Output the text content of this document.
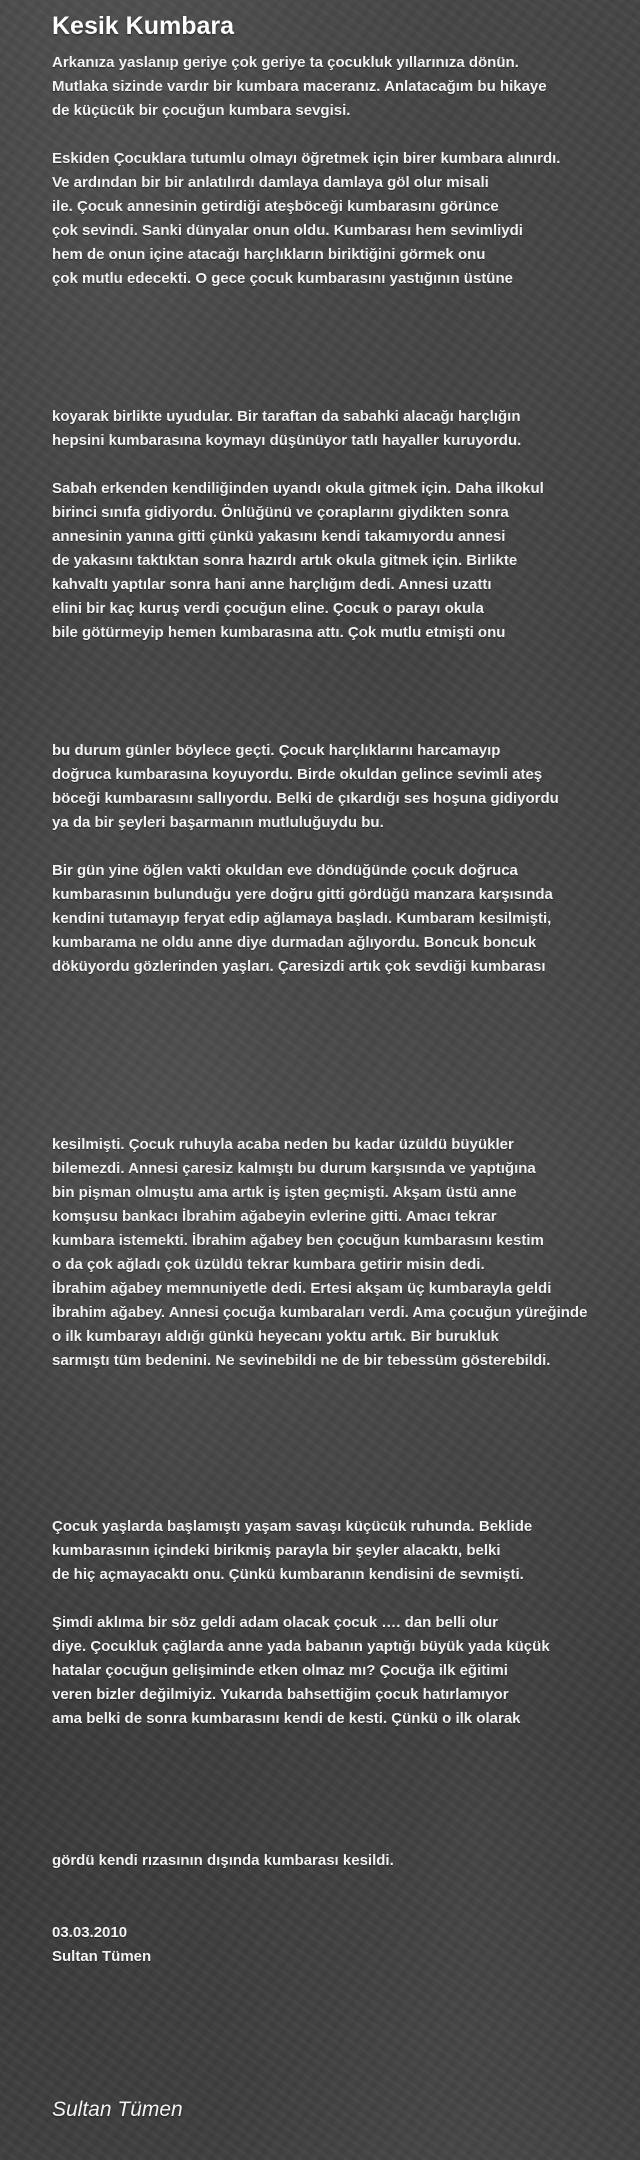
Kesik Kumbara
Arkanıza yaslanıp geriye çok geriye ta çocukluk yıllarınıza dönün.
Mutlaka sizinde vardır bir kumbara maceranız. Anlatacağım bu hikaye
de küçücük bir çocuğun kumbara sevgisi.
Eskiden Çocuklara tutumlu olmayı öğretmek için birer kumbara alınırdı.
Ve ardından bir bir anlatılırdı damlaya damlaya göl olur misali
ile. Çocuk annesinin getirdiği ateşböceği kumbarasını görünce
çok sevindi. Sanki dünyalar onun oldu. Kumbarası hem sevimliydi
hem de onun içine atacağı harçlıkların biriktiğini görmek onu
çok mutlu edecekti. O gece çocuk kumbarasını yastığının üstüne
koyarak birlikte uyudular. Bir taraftan da sabahki alacağı harçlığın
hepsini kumbarasına koymayı düşünüyor tatlı hayaller kuruyordu.
Sabah erkenden kendiliğinden uyandı okula gitmek için. Daha ilkokul
birinci sınıfa gidiyordu. Önlüğünü ve çoraplarını giydikten sonra
annesinin yanına gitti çünkü yakasını kendi takamıyordu annesi
de yakasını taktıktan sonra hazırdı artık okula gitmek için. Birlikte
kahvaltı yaptılar sonra hani anne harçlığım dedi. Annesi uzattı
elini bir kaç kuruş verdi çocuğun eline. Çocuk o parayı okula
bile götürmeyip hemen kumbarasına attı. Çok mutlu etmişti onu
bu durum günler böylece geçti. Çocuk harçlıklarını harcamayıp
doğruca kumbarasına koyuyordu. Birde okuldan gelince sevimli ateş
böceği kumbarasını sallıyordu. Belki de çıkardığı ses hoşuna gidiyordu
ya da bir şeyleri başarmanın mutluluğuydu bu.
Bir gün yine öğlen vakti okuldan eve döndüğünde çocuk doğruca
kumbarasının bulunduğu yere doğru gitti gördüğü manzara karşısında
kendini tutamayıp feryat edip ağlamaya başladı. Kumbaram kesilmişti,
kumbarama ne oldu anne diye durmadan ağlıyordu. Boncuk boncuk
döküyordu gözlerinden yaşları. Çaresizdi artık çok sevdiği kumbarası
kesilmişti. Çocuk ruhuyla acaba neden bu kadar üzüldü büyükler
bilemezdi. Annesi çaresiz kalmıştı bu durum karşısında ve yaptığına
bin pişman olmuştu ama artık iş işten geçmişti. Akşam üstü anne
komşusu bankacı İbrahim ağabeyin evlerine gitti. Amacı tekrar
kumbara istemekti. İbrahim ağabey ben çocuğun kumbarasını kestim
o da çok ağladı çok üzüldü tekrar kumbara getirir misin dedi.
İbrahim ağabey memnuniyetle dedi. Ertesi akşam üç kumbarayla geldi
İbrahim ağabey. Annesi çocuğa kumbaraları verdi. Ama çocuğun yüreğinde
o ilk kumbarayı aldığı günkü heyecanı yoktu artık. Bir burukluk
sarmıştı tüm bedenini. Ne sevinebildi ne de bir tebessüm gösterebildi.
Çocuk yaşlarda başlamıştı yaşam savaşı küçücük ruhunda. Beklide
kumbarasının içindeki birikmiş parayla bir şeyler alacaktı, belki
de hiç açmayacaktı onu. Çünkü kumbaranın kendisini de sevmişti.
Şimdi aklıma bir söz geldi adam olacak çocuk …. dan belli olur
diye. Çocukluk çağlarda anne yada babanın yaptığı büyük yada küçük
hatalar çocuğun gelişiminde etken olmaz mı? Çocuğa ilk eğitimi
veren bizler değilmiyiz. Yukarıda bahsettiğim çocuk hatırlamıyor
ama belki de sonra kumbarasını kendi de kesti. Çünkü o ilk olarak
gördü kendi rızasının dışında kumbarası kesildi.
03.03.2010
Sultan Tümen
Sultan Tümen
